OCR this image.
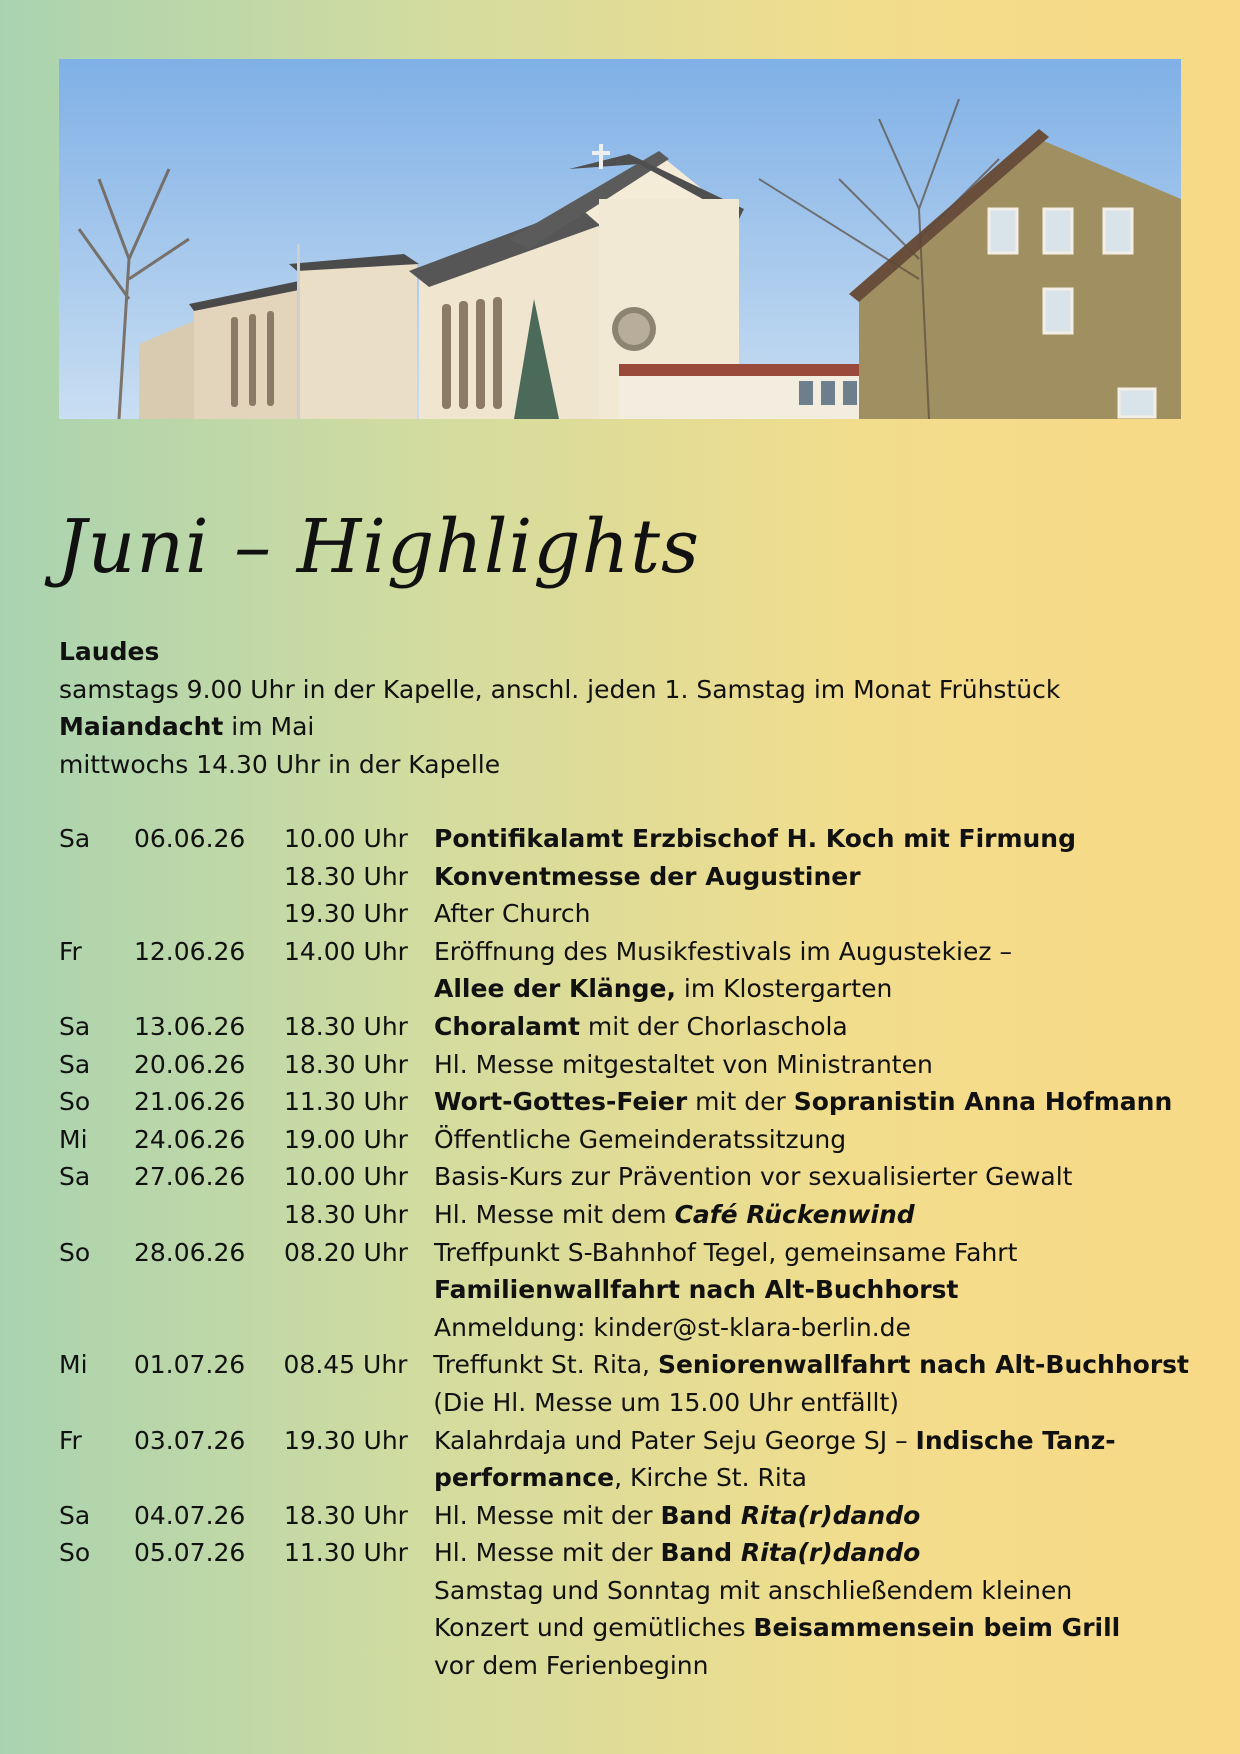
Juni – Highlights
Laudes
samstags 9.00 Uhr in der Kapelle, anschl. jeden 1. Samstag im Monat Frühstück
Maiandacht im Mai
mittwochs 14.30 Uhr in der Kapelle
Sa	06.06.26	10.00 Uhr	Pontifikalamt Erzbischof H. Koch mit Firmung
18.30 Uhr	Konventmesse der Augustiner
19.30 Uhr	After Church
Fr	12.06.26	14.00 Uhr	Eröffnung des Musikfestivals im Augustekiez –
Allee der Klänge, im Klostergarten
Sa	13.06.26	18.30 Uhr	Choralamt mit der Chorlaschola
Sa	20.06.26	18.30 Uhr	Hl. Messe mitgestaltet von Ministranten
So	21.06.26	11.30 Uhr	Wort-Gottes-Feier mit der Sopranistin Anna Hofmann
Mi	24.06.26	19.00 Uhr	Öffentliche Gemeinderatssitzung
Sa	27.06.26	10.00 Uhr	Basis-Kurs zur Prävention vor sexualisierter Gewalt
18.30 Uhr	Hl. Messe mit dem Café Rückenwind
So	28.06.26	08.20 Uhr	Treffpunkt S-Bahnhof Tegel, gemeinsame Fahrt
Familienwallfahrt nach Alt-Buchhorst
Anmeldung: kinder@st-klara-berlin.de
Mi	01.07.26	08.45 Uhr	Treffunkt St. Rita, Seniorenwallfahrt nach Alt-Buchhorst
(Die Hl. Messe um 15.00 Uhr entfällt)
Fr	03.07.26	19.30 Uhr	Kalahrdaja und Pater Seju George SJ – Indische Tanz-
performance, Kirche St. Rita
Sa	04.07.26	18.30 Uhr	Hl. Messe mit der Band Rita(r)dando
So	05.07.26	11.30 Uhr	Hl. Messe mit der Band Rita(r)dando
Samstag und Sonntag mit anschließendem kleinen
Konzert und gemütliches Beisammensein beim Grill
vor dem Ferienbeginn
